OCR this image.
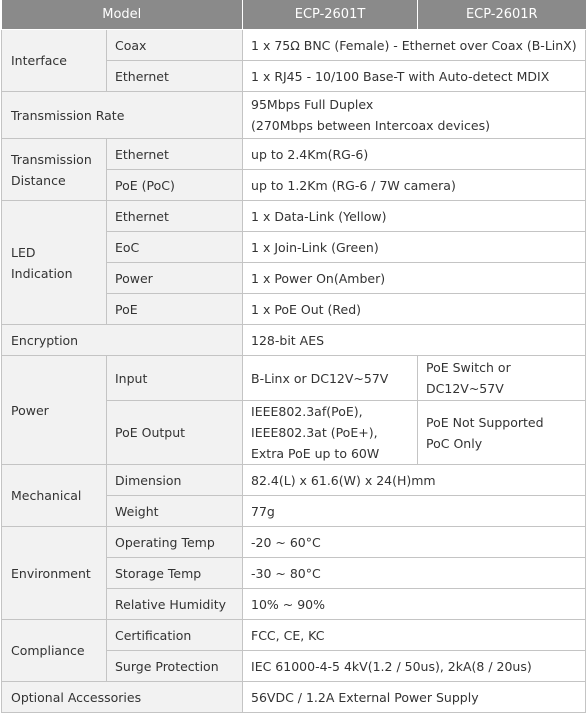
Model		ECP-2601T	ECP-2601R
Interface	Coax	1 x 75Ω BNC (Female) - Ethernet over Coax (B-LinX)	
	Ethernet	1 x RJ45 - 10/100 Base-T with Auto-detect MDIX	
Transmission Rate		95Mbps Full Duplex
(270Mbps between Intercoax devices)	

Transmission
Distance	Ethernet	up to 2.4Km(RG-6)	
	PoE (PoC)	up to 1.2Km (RG-6 / 7W camera)	

LED
Indication	Ethernet	1 x Data-Link (Yellow)	
	EoC	1 x Join-Link (Green)	
	Power	1 x Power On(Amber)	
	PoE	1 x PoE Out (Red)	
Encryption		128-bit AES	
Power	Input	B-Linx or DC12V~57V	PoE Switch or
DC12V~57V

	PoE Output	IEEE802.3af(PoE),
IEEE802.3at (PoE+),
Extra PoE up to 60W	PoE Not Supported
PoC Only

Mechanical	Dimension	82.4(L) x 61.6(W) x 24(H)mm	
	Weight	77g	
Environment	Operating Temp	-20 ~ 60°C	
	Storage Temp	-30 ~ 80°C	
	Relative Humidity	10% ~ 90%	
Compliance	Certification	FCC, CE, KC	
	Surge Protection	IEC 61000-4-5 4kV(1.2 / 50us), 2kA(8 / 20us)	
Optional Accessories		56VDC / 1.2A External Power Supply	
